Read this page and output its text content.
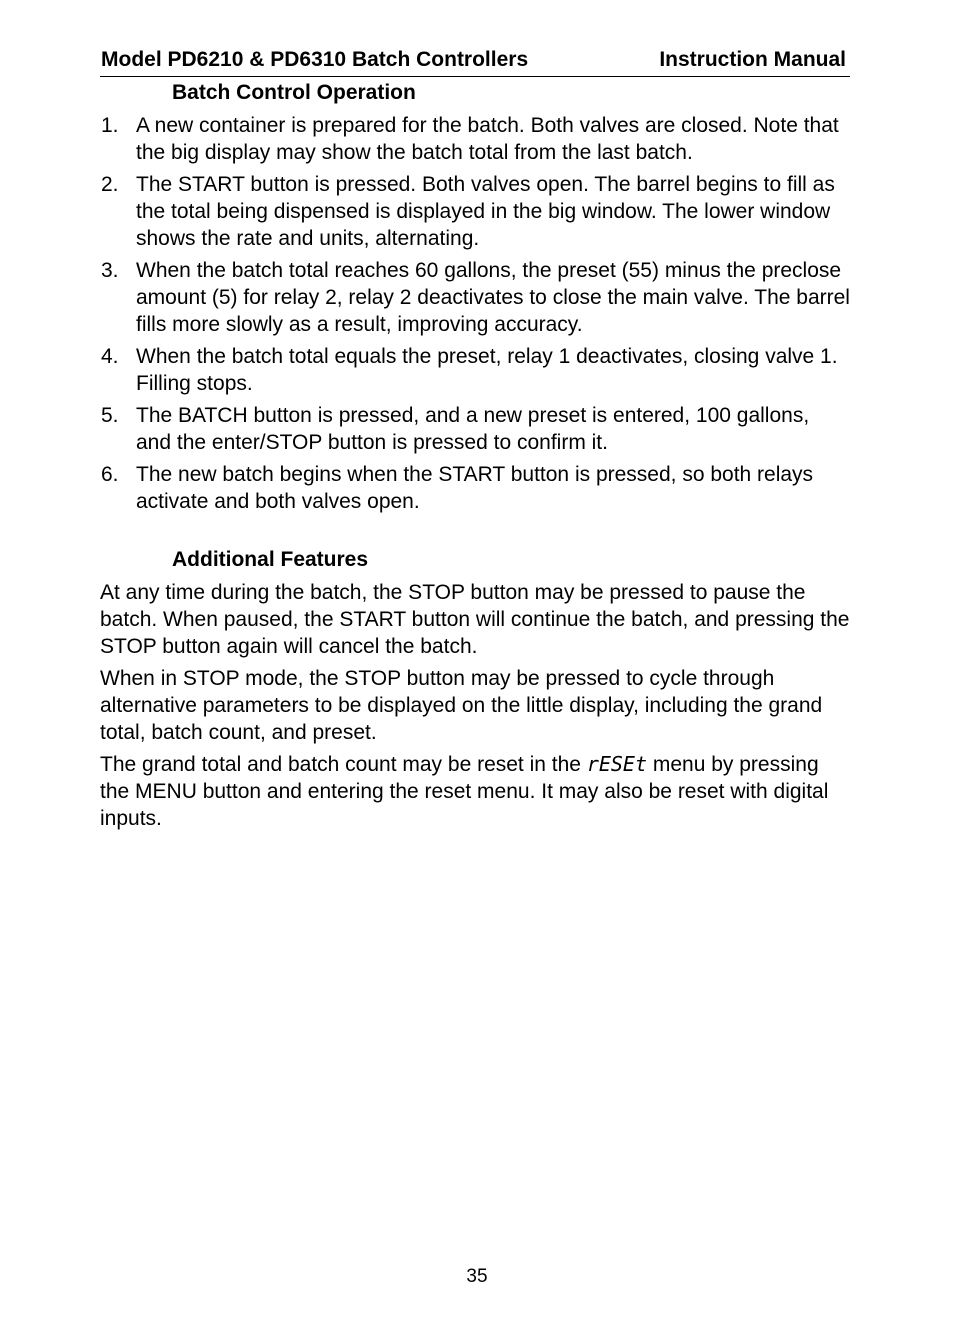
Model PD6210 & PD6310 Batch Controllers	Instruction Manual
Batch Control Operation
1. A new container is prepared for the batch. Both valves are closed. Note that the big display may show the batch total from the last batch.
2. The START button is pressed. Both valves open. The barrel begins to fill as the total being dispensed is displayed in the big window. The lower window shows the rate and units, alternating.
3. When the batch total reaches 60 gallons, the preset (55) minus the preclose amount (5) for relay 2, relay 2 deactivates to close the main valve. The barrel fills more slowly as a result, improving accuracy.
4. When the batch total equals the preset, relay 1 deactivates, closing valve 1. Filling stops.
5. The BATCH button is pressed, and a new preset is entered, 100 gallons, and the enter/STOP button is pressed to confirm it.
6. The new batch begins when the START button is pressed, so both relays activate and both valves open.
Additional Features

At any time during the batch, the STOP button may be pressed to pause the batch. When paused, the START button will continue the batch, and pressing the STOP button again will cancel the batch.

When in STOP mode, the STOP button may be pressed to cycle through alternative parameters to be displayed on the little display, including the grand total, batch count, and preset.

The grand total and batch count may be reset in the rESEt menu by pressing the MENU button and entering the reset menu. It may also be reset with digital inputs.

35
